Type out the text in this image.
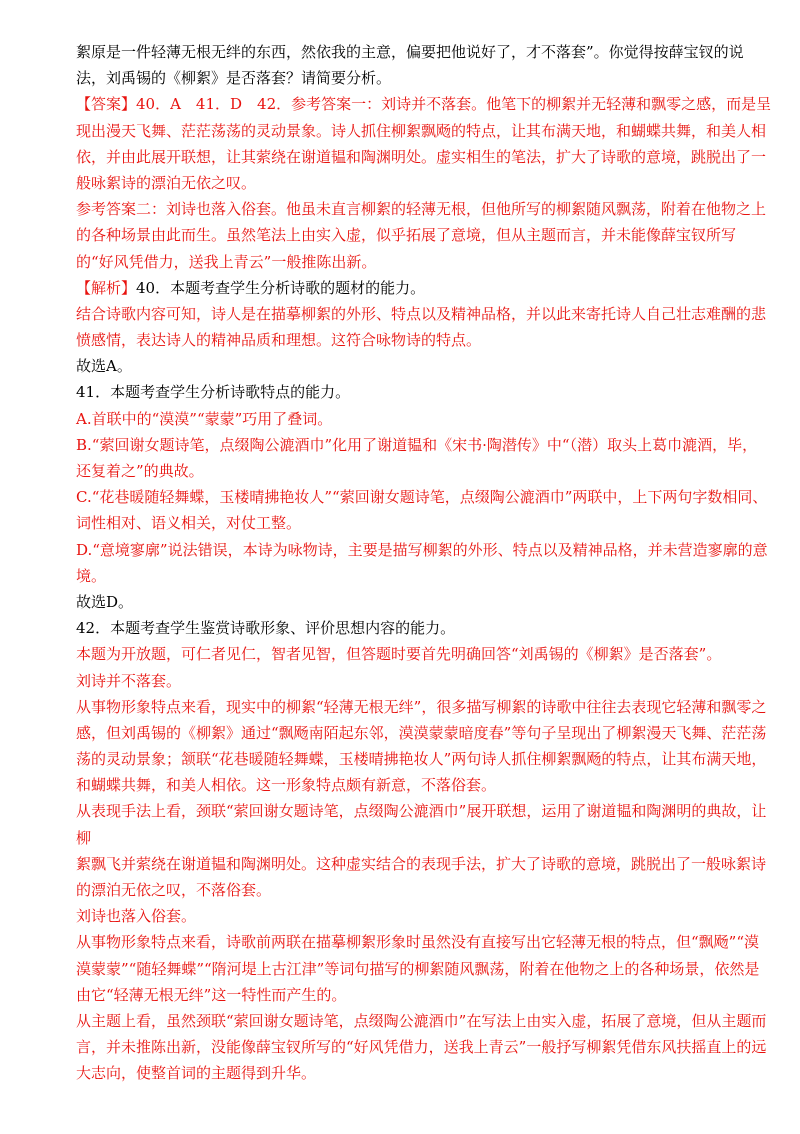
絮原是一件轻薄无根无绊的东西，然依我的主意，偏要把他说好了，才不落套”。你觉得按薛宝钗的说
法，刘禹锡的《柳絮》是否落套？请简要分析。
【答案】40．A　41．D　42．参考答案一：刘诗并不落套。他笔下的柳絮并无轻薄和飘零之感，而是呈
现出漫天飞舞、茫茫荡荡的灵动景象。诗人抓住柳絮飘飏的特点，让其布满天地，和蝴蝶共舞，和美人相
依，并由此展开联想，让其萦绕在谢道韫和陶渊明处。虚实相生的笔法，扩大了诗歌的意境，跳脱出了一
般咏絮诗的漂泊无依之叹。
参考答案二：刘诗也落入俗套。他虽未直言柳絮的轻薄无根，但他所写的柳絮随风飘荡，附着在他物之上
的各种场景由此而生。虽然笔法上由实入虚，似乎拓展了意境，但从主题而言，并未能像薛宝钗所写
的“好风凭借力，送我上青云”一般推陈出新。
【解析】40．本题考查学生分析诗歌的题材的能力。
结合诗歌内容可知，诗人是在描摹柳絮的外形、特点以及精神品格，并以此来寄托诗人自己壮志难酬的悲
愤感情，表达诗人的精神品质和理想。这符合咏物诗的特点。
故选A。
41．本题考查学生分析诗歌特点的能力。
A.首联中的“漠漠”“蒙蒙”巧用了叠词。
B.“萦回谢女题诗笔，点缀陶公漉酒巾”化用了谢道韫和《宋书·陶潜传》中“（潜）取头上葛巾漉酒，毕，
还复着之”的典故。
C.“花巷暖随轻舞蝶，玉楼晴拂艳妆人”“萦回谢女题诗笔，点缀陶公漉酒巾”两联中，上下两句字数相同、
词性相对、语义相关，对仗工整。
D.“意境寥廓”说法错误，本诗为咏物诗，主要是描写柳絮的外形、特点以及精神品格，并未营造寥廓的意
境。
故选D。
42．本题考查学生鉴赏诗歌形象、评价思想内容的能力。
本题为开放题，可仁者见仁，智者见智，但答题时要首先明确回答“刘禹锡的《柳絮》是否落套”。
刘诗并不落套。
从事物形象特点来看，现实中的柳絮“轻薄无根无绊”，很多描写柳絮的诗歌中往往去表现它轻薄和飘零之
感，但刘禹锡的《柳絮》通过“飘飏南陌起东邻，漠漠蒙蒙暗度春”等句子呈现出了柳絮漫天飞舞、茫茫荡
荡的灵动景象；颔联“花巷暖随轻舞蝶，玉楼晴拂艳妆人”两句诗人抓住柳絮飘飏的特点，让其布满天地，
和蝴蝶共舞，和美人相依。这一形象特点颇有新意，不落俗套。
从表现手法上看，颈联“萦回谢女题诗笔，点缀陶公漉酒巾”展开联想，运用了谢道韫和陶渊明的典故，让
柳
絮飘飞并萦绕在谢道韫和陶渊明处。这种虚实结合的表现手法，扩大了诗歌的意境，跳脱出了一般咏絮诗
的漂泊无依之叹，不落俗套。
刘诗也落入俗套。
从事物形象特点来看，诗歌前两联在描摹柳絮形象时虽然没有直接写出它轻薄无根的特点，但“飘飏”“漠
漠蒙蒙”“随轻舞蝶”“隋河堤上古江津”等词句描写的柳絮随风飘荡，附着在他物之上的各种场景，依然是
由它“轻薄无根无绊”这一特性而产生的。
从主题上看，虽然颈联“萦回谢女题诗笔，点缀陶公漉酒巾”在写法上由实入虚，拓展了意境，但从主题而
言，并未推陈出新，没能像薛宝钗所写的“好风凭借力，送我上青云”一般抒写柳絮凭借东风扶摇直上的远
大志向，使整首词的主题得到升华。
